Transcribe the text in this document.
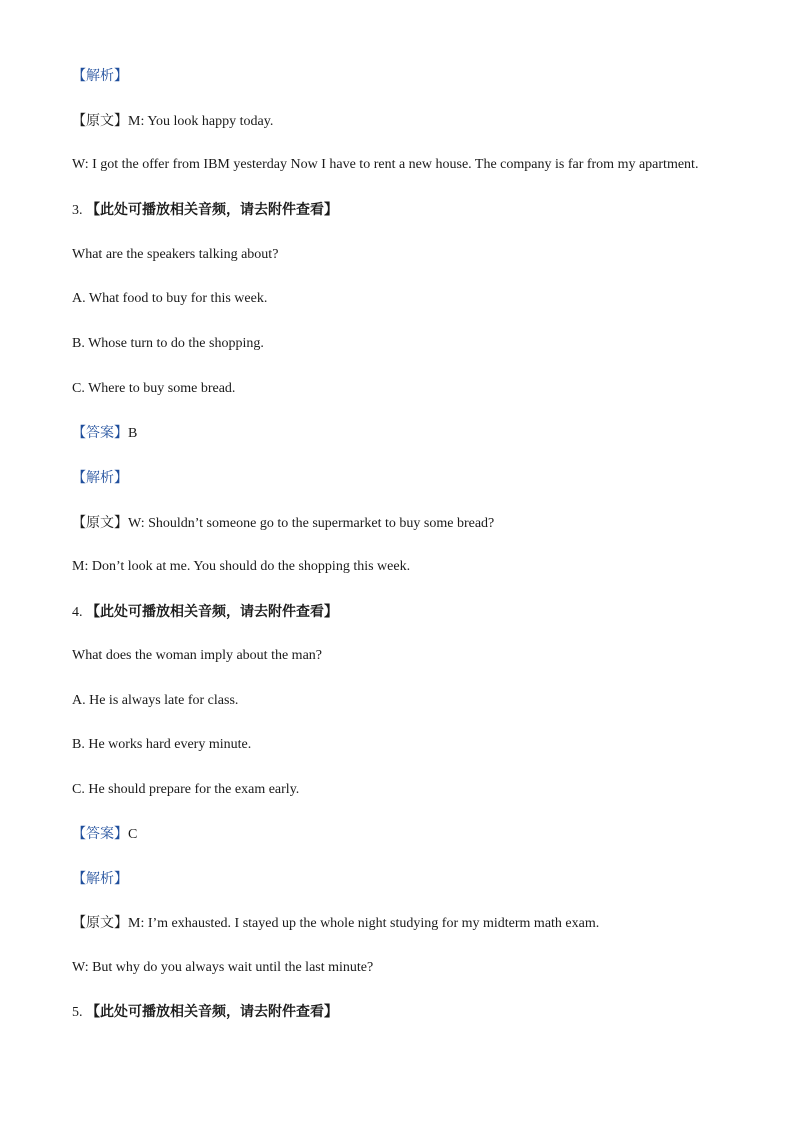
【解析】
【原文】M: You look happy today.
W: I got the offer from IBM yesterday Now I have to rent a new house. The company is far from my apartment.
3. 【此处可播放相关音频，请去附件查看】
What are the speakers talking about?
A. What food to buy for this week.
B. Whose turn to do the shopping.
C. Where to buy some bread.
【答案】B
【解析】
【原文】W: Shouldn’t someone go to the supermarket to buy some bread?
M: Don’t look at me. You should do the shopping this week.
4. 【此处可播放相关音频，请去附件查看】
What does the woman imply about the man?
A. He is always late for class.
B. He works hard every minute.
C. He should prepare for the exam early.
【答案】C
【解析】
【原文】M: I’m exhausted. I stayed up the whole night studying for my midterm math exam.
W: But why do you always wait until the last minute?
5. 【此处可播放相关音频，请去附件查看】
